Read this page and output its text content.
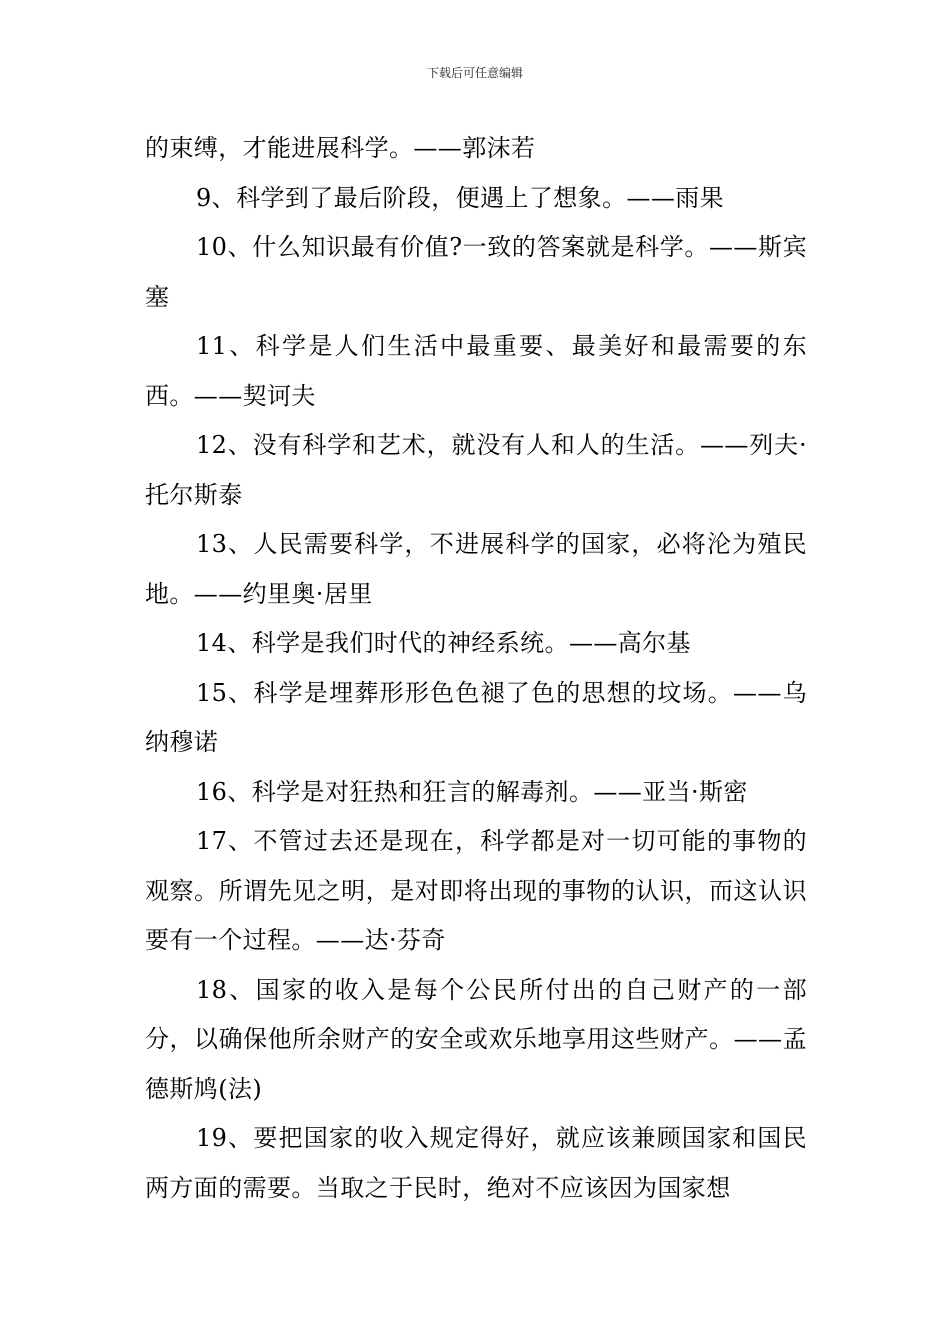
下载后可任意编辑

的束缚，才能进展科学。——郭沫若

9、科学到了最后阶段，便遇上了想象。——雨果

10、什么知识最有价值?一致的答案就是科学。——斯宾塞

11、科学是人们生活中最重要、最美好和最需要的东西。——契诃夫

12、没有科学和艺术，就没有人和人的生活。——列夫·托尔斯泰

13、人民需要科学，不进展科学的国家，必将沦为殖民地。——约里奥·居里

14、科学是我们时代的神经系统。——高尔基

15、科学是埋葬形形色色褪了色的思想的坟场。——乌纳穆诺

16、科学是对狂热和狂言的解毒剂。——亚当·斯密

17、不管过去还是现在，科学都是对一切可能的事物的观察。所谓先见之明，是对即将出现的事物的认识，而这认识要有一个过程。——达·芬奇

18、国家的收入是每个公民所付出的自己财产的一部分，以确保他所余财产的安全或欢乐地享用这些财产。——孟德斯鸠(法)

19、要把国家的收入规定得好，就应该兼顾国家和国民两方面的需要。当取之于民时，绝对不应该因为国家想
